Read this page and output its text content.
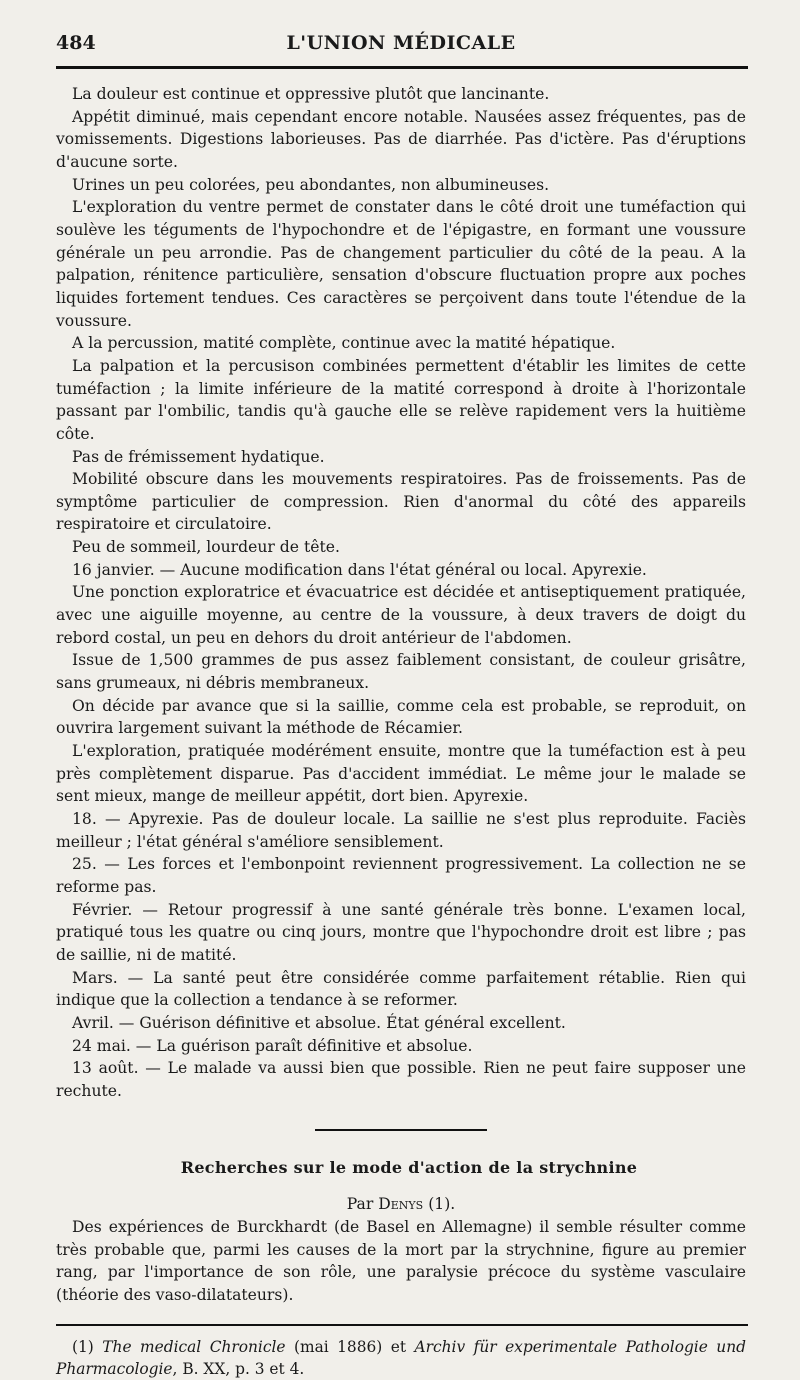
484	L'UNION MÉDICALE

La douleur est continue et oppressive plutôt que lancinante.

Appétit diminué, mais cependant encore notable. Nausées assez fréquentes, pas de vomissements. Digestions laborieuses. Pas de diarrhée. Pas d'ictère. Pas d'éruptions d'aucune sorte.

Urines un peu colorées, peu abondantes, non albumineuses.

L'exploration du ventre permet de constater dans le côté droit une tuméfaction qui soulève les téguments de l'hypochondre et de l'épigastre, en formant une voussure générale un peu arrondie. Pas de changement particulier du côté de la peau. A la palpation, rénitence particulière, sensation d'obscure fluctuation propre aux poches liquides fortement tendues. Ces caractères se perçoivent dans toute l'étendue de la voussure.

A la percussion, matité complète, continue avec la matité hépatique.

La palpation et la percusison combinées permettent d'établir les limites de cette tuméfaction ; la limite inférieure de la matité correspond à droite à l'horizontale passant par l'ombilic, tandis qu'à gauche elle se relève rapidement vers la huitième côte.

Pas de frémissement hydatique.

Mobilité obscure dans les mouvements respiratoires. Pas de froissements. Pas de symptôme particulier de compression. Rien d'anormal du côté des appareils respiratoire et circulatoire.

Peu de sommeil, lourdeur de tête.

16 janvier. — Aucune modification dans l'état général ou local. Apyrexie.

Une ponction exploratrice et évacuatrice est décidée et antiseptiquement pratiquée, avec une aiguille moyenne, au centre de la voussure, à deux travers de doigt du rebord costal, un peu en dehors du droit antérieur de l'abdomen.

Issue de 1,500 grammes de pus assez faiblement consistant, de couleur grisâtre, sans grumeaux, ni débris membraneux.

On décide par avance que si la saillie, comme cela est probable, se reproduit, on ouvrira largement suivant la méthode de Récamier.

L'exploration, pratiquée modérément ensuite, montre que la tuméfaction est à peu près complètement disparue. Pas d'accident immédiat. Le même jour le malade se sent mieux, mange de meilleur appétit, dort bien. Apyrexie.

18. — Apyrexie. Pas de douleur locale. La saillie ne s'est plus reproduite. Faciès meilleur ; l'état général s'améliore sensiblement.

25. — Les forces et l'embonpoint reviennent progressivement. La collection ne se reforme pas.

Février. — Retour progressif à une santé générale très bonne. L'examen local, pratiqué tous les quatre ou cinq jours, montre que l'hypochondre droit est libre ; pas de saillie, ni de matité.

Mars. — La santé peut être considérée comme parfaitement rétablie. Rien qui indique que la collection a tendance à se reformer.

Avril. — Guérison définitive et absolue. État général excellent.

24 mai. — La guérison paraît définitive et absolue.

13 août. — Le malade va aussi bien que possible. Rien ne peut faire supposer une rechute.

Recherches sur le mode d'action de la strychnine

Par Denys (1).

Des expériences de Burckhardt (de Basel en Allemagne) il semble résulter comme très probable que, parmi les causes de la mort par la strychnine, figure au premier rang, par l'importance de son rôle, une paralysie précoce du système vasculaire (théorie des vaso-dilatateurs).

(1) The medical Chronicle (mai 1886) et Archiv für experimentale Pathologie und Pharmacologie, B. XX, p. 3 et 4.
